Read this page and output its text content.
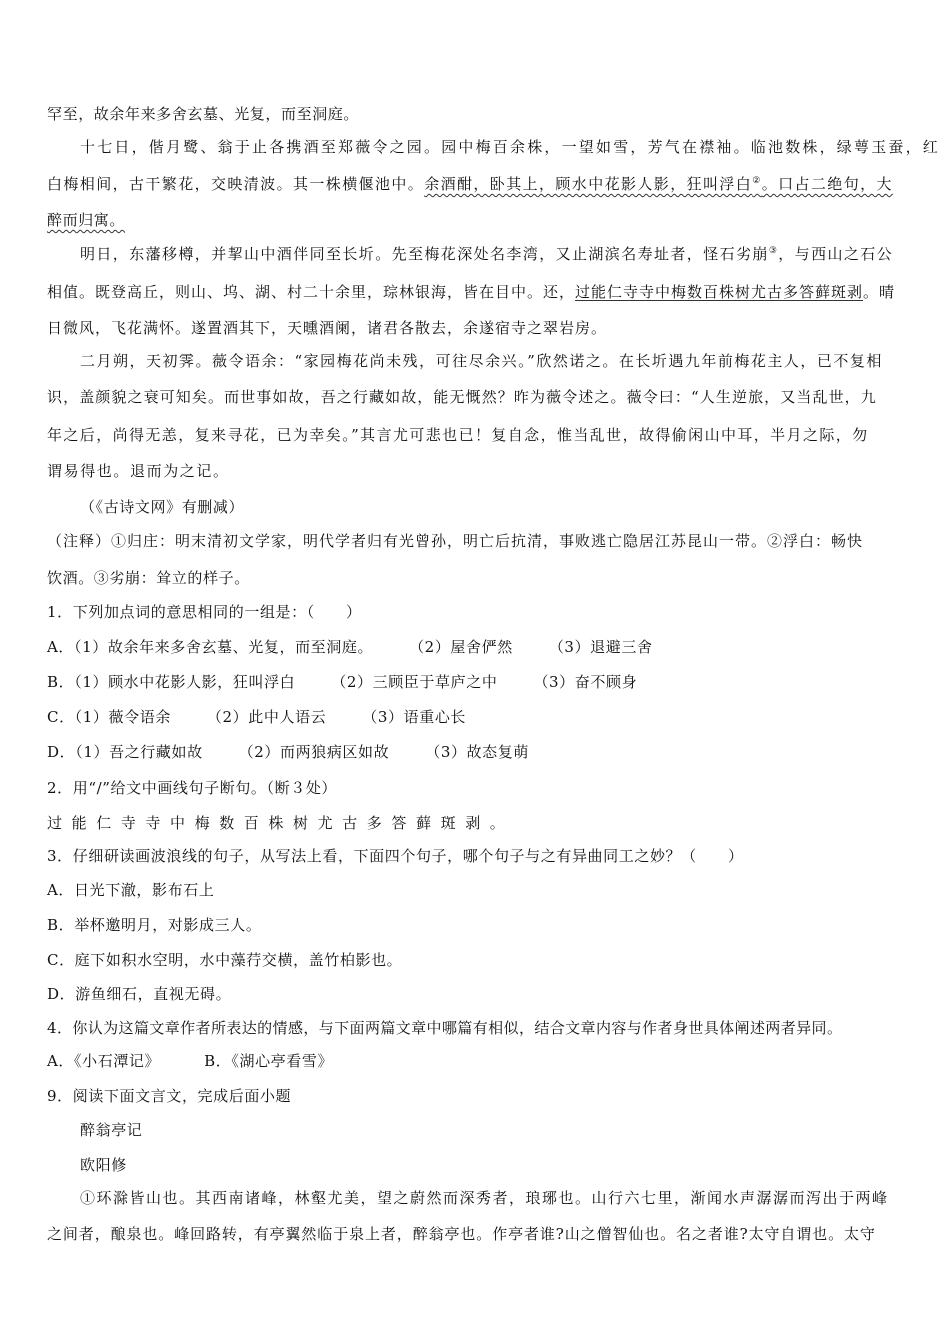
罕至，故余年来多舍玄墓、光复，而至洞庭。
十七日，偕月鹭、翁于止各携酒至郑薇令之园。园中梅百余株，一望如雪，芳气在襟袖。临池数株，绿萼玉蚕，红
白梅相间，古干繁花，交映清波。其一株横偃池中。余酒酣，卧其上，顾水中花影人影，狂叫浮白②。口占二绝句，大
醉而归寓。
明日，东藩移樽，并挈山中酒伴同至长圻。先至梅花深处名李湾，又止湖滨名寿址者，怪石劣崩③，与西山之石公
相值。既登高丘，则山、坞、湖、村二十余里，琮林银海，皆在目中。还，过能仁寺寺中梅数百株树尤古多答藓斑剥。晴
日微风，飞花满怀。遂置酒其下，天曛酒阑，诸君各散去，余遂宿寺之翠岩房。
二月朔，天初霁。薇令语余：“家园梅花尚未残，可往尽余兴。”欣然诺之。在长圻遇九年前梅花主人，已不复相
识，盖颜貌之衰可知矣。而世事如故，吾之行藏如故，能无慨然？昨为薇令述之。薇令曰：“人生逆旅，又当乱世，九
年之后，尚得无恙，复来寻花，已为幸矣。”其言尤可悲也已！复自念，惟当乱世，故得偷闲山中耳，半月之际，勿
谓易得也。退而为之记。
（《古诗文网》有删减）
（注释）①归庄：明末清初文学家，明代学者归有光曾孙，明亡后抗清，事败逃亡隐居江苏昆山一带。②浮白：畅快
饮酒。③劣崩：耸立的样子。
1．下列加点词的意思相同的一组是：（　　）
A．（1）故余年来多舍玄墓、光复，而至洞庭。 （2）屋舍俨然 （3）退避三舍
B．（1）顾水中花影人影，狂叫浮白 （2）三顾臣于草庐之中 （3）奋不顾身
C．（1）薇令语余 （2）此中人语云 （3）语重心长
D．（1）吾之行藏如故 （2）而两狼病区如故 （3）故态复萌
2．用“/”给文中画线句子断句。（断３处）
过能仁寺寺中梅数百株树尤古多答藓斑剥。
3．仔细研读画波浪线的句子，从写法上看，下面四个句子，哪个句子与之有异曲同工之妙？（　　）
A．日光下澈，影布石上
B．举杯邀明月，对影成三人。
C．庭下如积水空明，水中藻荇交横，盖竹柏影也。
D．游鱼细石，直视无碍。
4．你认为这篇文章作者所表达的情感，与下面两篇文章中哪篇有相似，结合文章内容与作者身世具体阐述两者异同。
A．《小石潭记》	B．《湖心亭看雪》
9．阅读下面文言文，完成后面小题
醉翁亭记
欧阳修
①环滁皆山也。其西南诸峰，林壑尤美，望之蔚然而深秀者，琅琊也。山行六七里，渐闻水声潺潺而泻出于两峰
之间者，酿泉也。峰回路转，有亭翼然临于泉上者，醉翁亭也。作亭者谁?山之僧智仙也。名之者谁?太守自谓也。太守
